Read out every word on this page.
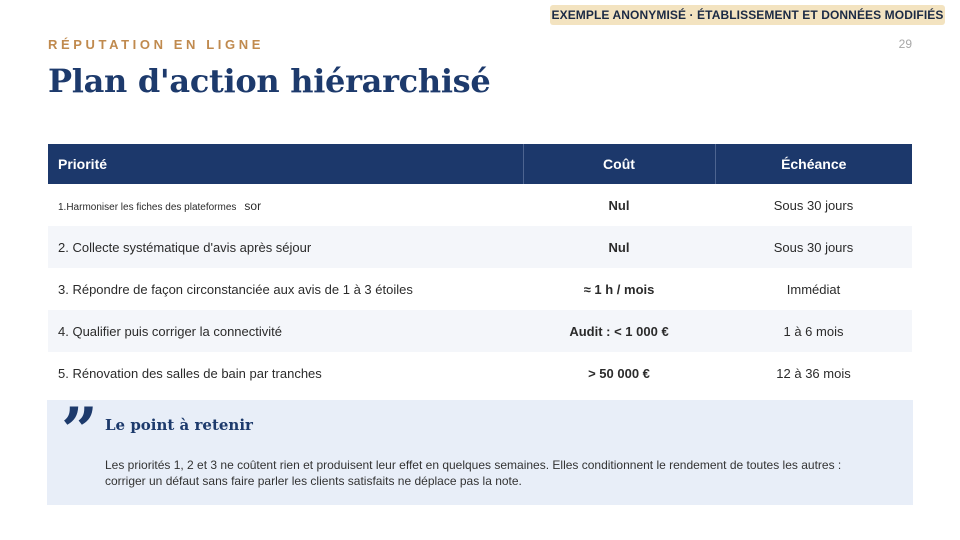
EXEMPLE ANONYMISÉ · ÉTABLISSEMENT ET DONNÉES MODIFIÉS
RÉPUTATION EN LIGNE	29
Plan d'action hiérarchisé
Priorité	Coût	Échéance
1.Harmoniser les fiches des plateformes sor	Nul	Sous 30 jours
2. Collecte systématique d'avis après séjour	Nul	Sous 30 jours
3. Répondre de façon circonstanciée aux avis de 1 à 3 étoiles	≈ 1 h / mois	Immédiat
4. Qualifier puis corriger la connectivité	Audit : < 1 000 €	1 à 6 mois
5. Rénovation des salles de bain par tranches	> 50 000 €	12 à 36 mois
” Le point à retenir
Les priorités 1, 2 et 3 ne coûtent rien et produisent leur effet en quelques semaines. Elles conditionnent le rendement de toutes les autres : corriger un défaut sans faire parler les clients satisfaits ne déplace pas la note.
